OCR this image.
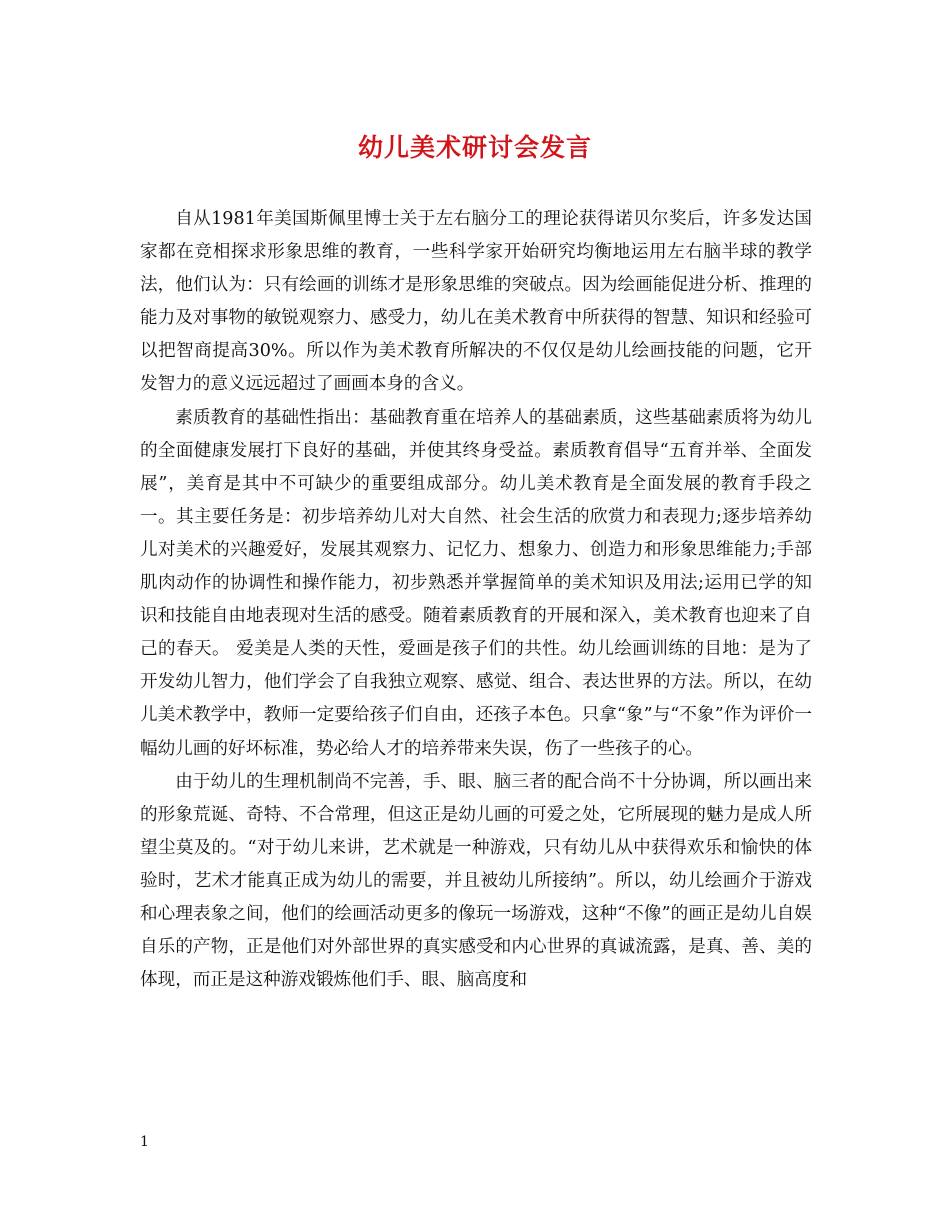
幼儿美术研讨会发言

自从1981年美国斯佩里博士关于左右脑分工的理论获得诺贝尔奖后，许多发达国家都在竞相探求形象思维的教育，一些科学家开始研究均衡地运用左右脑半球的教学法，他们认为：只有绘画的训练才是形象思维的突破点。因为绘画能促进分析、推理的能力及对事物的敏锐观察力、感受力，幼儿在美术教育中所获得的智慧、知识和经验可以把智商提高30%。所以作为美术教育所解决的不仅仅是幼儿绘画技能的问题，它开发智力的意义远远超过了画画本身的含义。

素质教育的基础性指出：基础教育重在培养人的基础素质，这些基础素质将为幼儿的全面健康发展打下良好的基础，并使其终身受益。素质教育倡导“五育并举、全面发展”，美育是其中不可缺少的重要组成部分。幼儿美术教育是全面发展的教育手段之一。其主要任务是：初步培养幼儿对大自然、社会生活的欣赏力和表现力;逐步培养幼儿对美术的兴趣爱好，发展其观察力、记忆力、想象力、创造力和形象思维能力;手部肌肉动作的协调性和操作能力，初步熟悉并掌握简单的美术知识及用法;运用已学的知识和技能自由地表现对生活的感受。随着素质教育的开展和深入，美术教育也迎来了自己的春天。 爱美是人类的天性，爱画是孩子们的共性。幼儿绘画训练的目地：是为了开发幼儿智力，他们学会了自我独立观察、感觉、组合、表达世界的方法。所以，在幼儿美术教学中，教师一定要给孩子们自由，还孩子本色。只拿“象”与“不象”作为评价一幅幼儿画的好坏标准，势必给人才的培养带来失误，伤了一些孩子的心。

由于幼儿的生理机制尚不完善，手、眼、脑三者的配合尚不十分协调，所以画出来的形象荒诞、奇特、不合常理，但这正是幼儿画的可爱之处，它所展现的魅力是成人所望尘莫及的。“对于幼儿来讲，艺术就是一种游戏，只有幼儿从中获得欢乐和愉快的体验时，艺术才能真正成为幼儿的需要，并且被幼儿所接纳”。所以，幼儿绘画介于游戏和心理表象之间，他们的绘画活动更多的像玩一场游戏，这种“不像”的画正是幼儿自娱自乐的产物，正是他们对外部世界的真实感受和内心世界的真诚流露，是真、善、美的体现，而正是这种游戏锻炼他们手、眼、脑高度和

1
